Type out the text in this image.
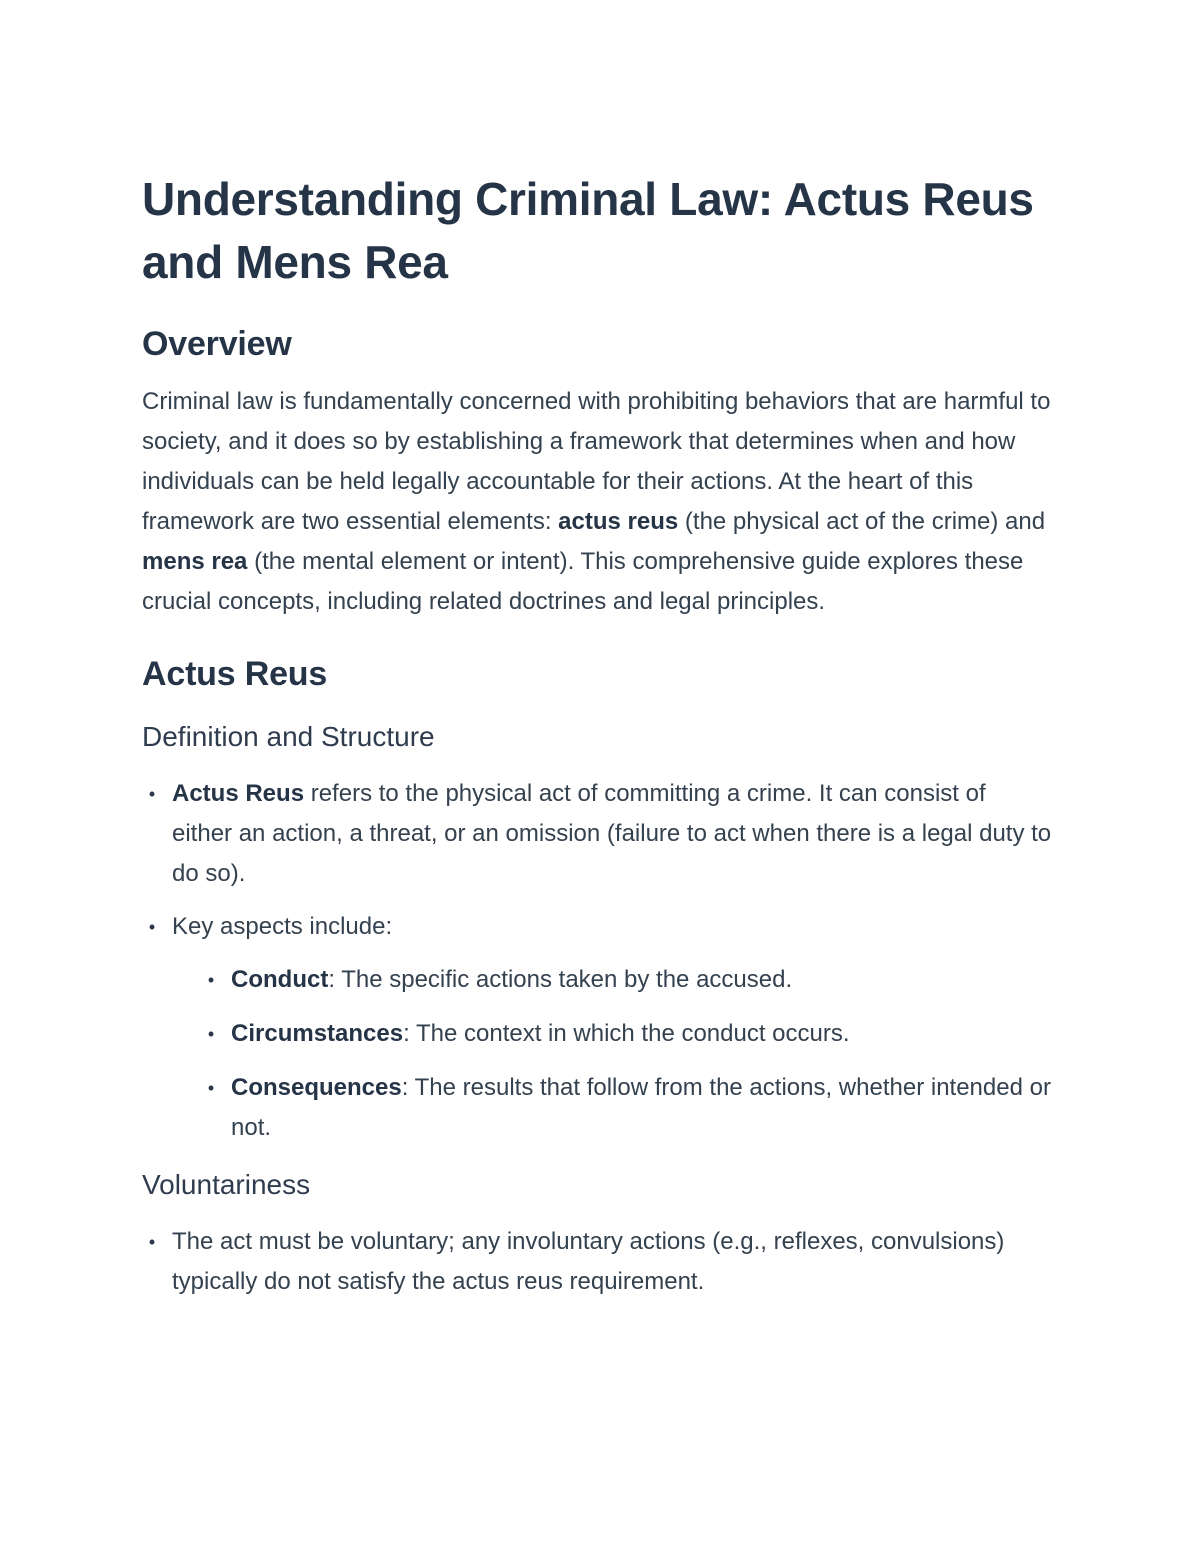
Understanding Criminal Law: Actus Reus and Mens Rea
Overview

Criminal law is fundamentally concerned with prohibiting behaviors that are harmful to society, and it does so by establishing a framework that determines when and how individuals can be held legally accountable for their actions. At the heart of this framework are two essential elements: actus reus (the physical act of the crime) and mens rea (the mental element or intent). This comprehensive guide explores these crucial concepts, including related doctrines and legal principles.

Actus Reus
Definition and Structure
• Actus Reus refers to the physical act of committing a crime. It can consist of either an action, a threat, or an omission (failure to act when there is a legal duty to do so).
• Key aspects include:
• Conduct: The specific actions taken by the accused.
• Circumstances: The context in which the conduct occurs.
• Consequences: The results that follow from the actions, whether intended or not.
Voluntariness
• The act must be voluntary; any involuntary actions (e.g., reflexes, convulsions) typically do not satisfy the actus reus requirement.
